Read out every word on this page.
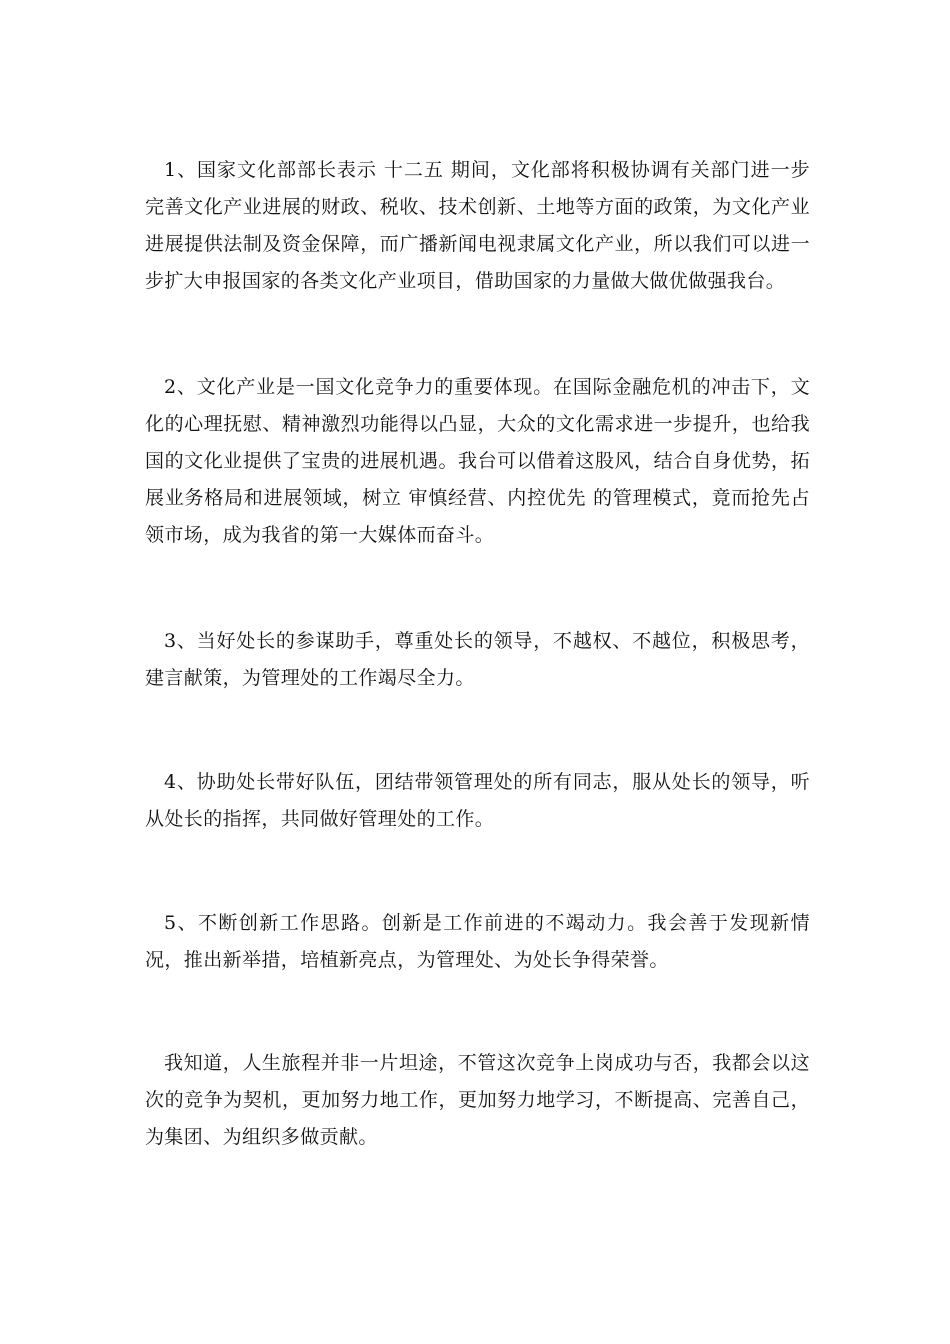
1、国家文化部部长表示 十二五 期间，文化部将积极协调有关部门进一步完善文化产业进展的财政、税收、技术创新、土地等方面的政策，为文化产业进展提供法制及资金保障，而广播新闻电视隶属文化产业，所以我们可以进一步扩大申报国家的各类文化产业项目，借助国家的力量做大做优做强我台。

2、文化产业是一国文化竞争力的重要体现。在国际金融危机的冲击下，文化的心理抚慰、精神激烈功能得以凸显，大众的文化需求进一步提升，也给我国的文化业提供了宝贵的进展机遇。我台可以借着这股风，结合自身优势，拓展业务格局和进展领域，树立 审慎经营、内控优先 的管理模式，竟而抢先占领市场，成为我省的第一大媒体而奋斗。

3、当好处长的参谋助手，尊重处长的领导，不越权、不越位，积极思考，建言献策，为管理处的工作竭尽全力。

4、协助处长带好队伍，团结带领管理处的所有同志，服从处长的领导，听从处长的指挥，共同做好管理处的工作。

5、不断创新工作思路。创新是工作前进的不竭动力。我会善于发现新情况，推出新举措，培植新亮点，为管理处、为处长争得荣誉。

我知道，人生旅程并非一片坦途，不管这次竞争上岗成功与否，我都会以这次的竞争为契机，更加努力地工作，更加努力地学习，不断提高、完善自己，为集团、为组织多做贡献。
